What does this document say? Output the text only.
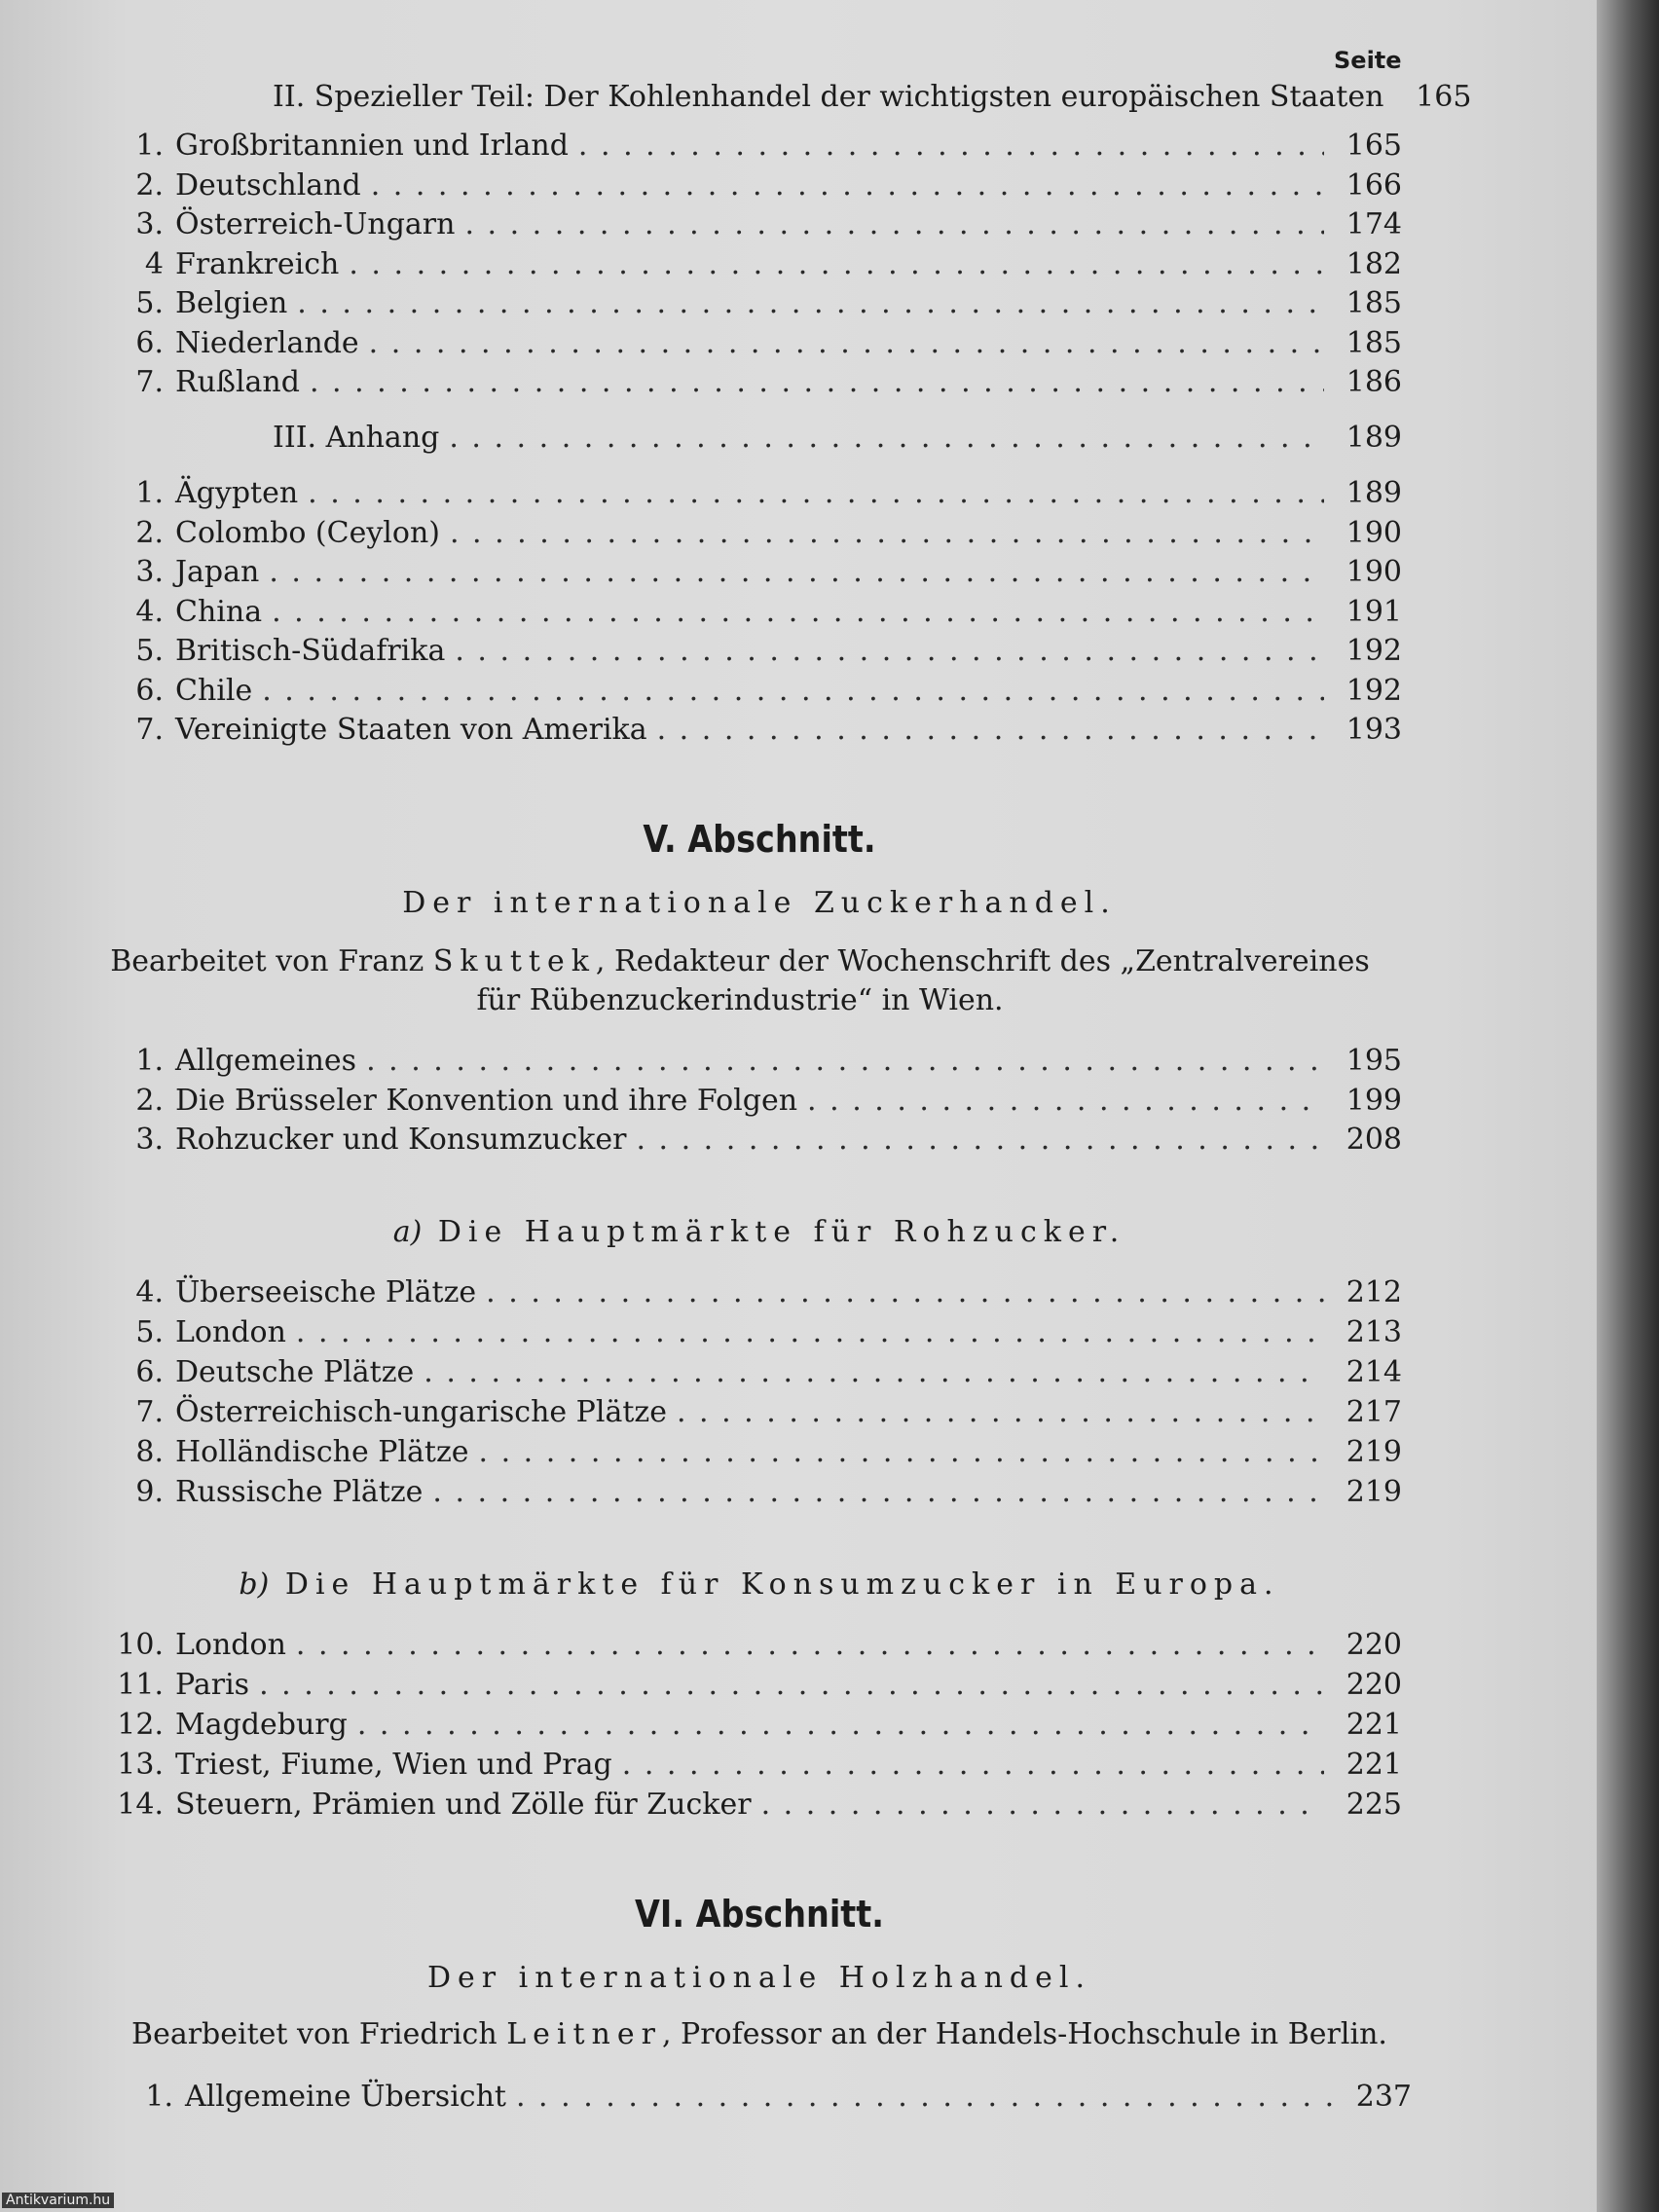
Seite
II. Spezieller Teil: Der Kohlenhandel der wichtigsten europäischen Staaten	165
1. Großbritannien und Irland . . .	165
2. Deutschland . . .	166
3. Österreich-Ungarn . . .	174
4 Frankreich . . .	182
5. Belgien . . .	185
6. Niederlande . . .	185
7. Rußland . . .	186
III. Anhang . . .	189
1. Ägypten . . .	189
2. Colombo (Ceylon) . . .	190
3. Japan . . .	190
4. China . . .	191
5. Britisch-Südafrika . . .	192
6. Chile . . .	192
7. Vereinigte Staaten von Amerika . . .	193
V. Abschnitt.
Der internationale Zuckerhandel.
Bearbeitet von Franz Skuttek, Redakteur der Wochenschrift des „Zentralvereines
für Rübenzuckerindustrie“ in Wien.
1. Allgemeines . . .	195
2. Die Brüsseler Konvention und ihre Folgen . . .	199
3. Rohzucker und Konsumzucker . . .	208
a) Die Hauptmärkte für Rohzucker.
4. Überseeische Plätze . . .	212
5. London . . .	213
6. Deutsche Plätze . . .	214
7. Österreichisch-ungarische Plätze . . .	217
8. Holländische Plätze . . .	219
9. Russische Plätze . . .	219
b) Die Hauptmärkte für Konsumzucker in Europa.
10. London . . .	220
11. Paris . . .	220
12. Magdeburg . . .	221
13. Triest, Fiume, Wien und Prag . . .	221
14. Steuern, Prämien und Zölle für Zucker . . .	225
VI. Abschnitt.
Der internationale Holzhandel.
Bearbeitet von Friedrich Leitner, Professor an der Handels-Hochschule in Berlin.
1. Allgemeine Übersicht . . .	237
Antikvarium.hu
